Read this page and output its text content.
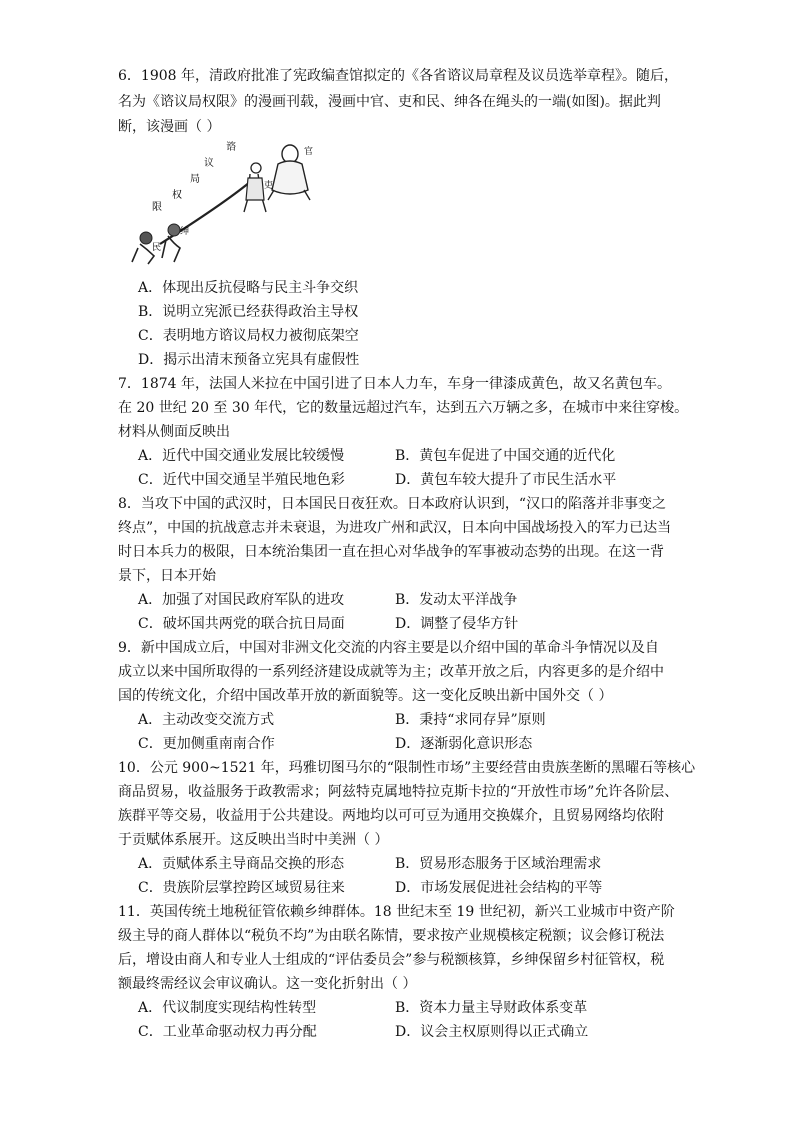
6．1908 年，清政府批准了宪政编查馆拟定的《各省谘议局章程及议员选举章程》。随后，
名为《谘议局权限》的漫画刊载，漫画中官、吏和民、绅各在绳头的一端(如图)。据此判
断，该漫画（ ）
谘
议
局
权
限
官
吏
民
绅
A．体现出反抗侵略与民主斗争交织
B．说明立宪派已经获得政治主导权
C．表明地方谘议局权力被彻底架空
D．揭示出清末预备立宪具有虚假性
7．1874 年，法国人米拉在中国引进了日本人力车，车身一律漆成黄色，故又名黄包车。
在 20 世纪 20 至 30 年代，它的数量远超过汽车，达到五六万辆之多，在城市中来往穿梭。
材料从侧面反映出
A．近代中国交通业发展比较缓慢	B．黄包车促进了中国交通的近代化
C．近代中国交通呈半殖民地色彩	D．黄包车较大提升了市民生活水平
8．当攻下中国的武汉时，日本国民日夜狂欢。日本政府认识到，“汉口的陷落并非事变之
终点”，中国的抗战意志并未衰退，为进攻广州和武汉，日本向中国战场投入的军力已达当
时日本兵力的极限，日本统治集团一直在担心对华战争的军事被动态势的出现。在这一背
景下，日本开始
A．加强了对国民政府军队的进攻	B．发动太平洋战争
C．破坏国共两党的联合抗日局面	D．调整了侵华方针
9．新中国成立后，中国对非洲文化交流的内容主要是以介绍中国的革命斗争情况以及自
成立以来中国所取得的一系列经济建设成就等为主；改革开放之后，内容更多的是介绍中
国的传统文化，介绍中国改革开放的新面貌等。这一变化反映出新中国外交（ ）
A．主动改变交流方式	B．秉持“求同存异”原则
C．更加侧重南南合作	D．逐渐弱化意识形态
10．公元 900~1521 年，玛雅切图马尔的“限制性市场”主要经营由贵族垄断的黑曜石等核心
商品贸易，收益服务于政教需求；阿兹特克属地特拉克斯卡拉的“开放性市场”允许各阶层、
族群平等交易，收益用于公共建设。两地均以可可豆为通用交换媒介，且贸易网络均依附
于贡赋体系展开。这反映出当时中美洲（ ）
A．贡赋体系主导商品交换的形态	B．贸易形态服务于区域治理需求
C．贵族阶层掌控跨区域贸易往来	D．市场发展促进社会结构的平等
11．英国传统土地税征管依赖乡绅群体。18 世纪末至 19 世纪初，新兴工业城市中资产阶
级主导的商人群体以“税负不均”为由联名陈情，要求按产业规模核定税额；议会修订税法
后，增设由商人和专业人士组成的“评估委员会”参与税额核算，乡绅保留乡村征管权，税
额最终需经议会审议确认。这一变化折射出（ ）
A．代议制度实现结构性转型	B．资本力量主导财政体系变革
C．工业革命驱动权力再分配	D．议会主权原则得以正式确立
